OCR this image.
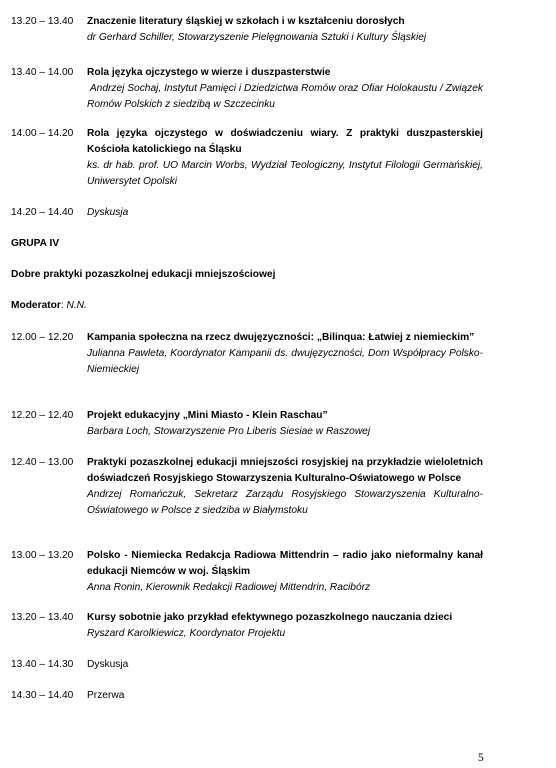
13.20 – 13.40	Znaczenie literatury śląskiej w szkołach i w kształceniu dorosłych
dr Gerhard Schiller, Stowarzyszenie Pielęgnowania Sztuki i Kultury Śląskiej
13.40 – 14.00	Rola języka ojczystego w wierze i duszpasterstwie
Andrzej Sochaj, Instytut Pamięci i Dziedzictwa Romów oraz Ofiar Holokaustu / Związek Romów Polskich z siedzibą w Szczecinku
14.00 – 14.20	Rola języka ojczystego w doświadczeniu wiary. Z praktyki duszpasterskiej Kościoła katolickiego na Śląsku
ks. dr hab. prof. UO Marcin Worbs, Wydział Teologiczny, Instytut Filologii Germańskiej, Uniwersytet Opolski
14.20 – 14.40	Dyskusja
GRUPA IV
Dobre praktyki pozaszkolnej edukacji mniejszościowej
Moderator: N.N.
12.00 – 12.20	Kampania społeczna na rzecz dwujęzyczności: „Bilinqua: Łatwiej z niemieckim”
Julianna Pawleta, Koordynator Kampanii ds. dwujęzyczności, Dom Współpracy Polsko-Niemieckiej
12.20 – 12.40	Projekt edukacyjny „Mini Miasto - Klein Raschau”
Barbara Loch, Stowarzyszenie Pro Liberis Siesiae w Raszowej
12.40 – 13.00	Praktyki pozaszkolnej edukacji mniejszości rosyjskiej na przykładzie wieloletnich doświadczeń Rosyjskiego Stowarzyszenia Kulturalno-Oświatowego w Polsce
Andrzej Romańczuk, Sekretarz Zarządu Rosyjskiego Stowarzyszenia Kulturalno-Oświatowego w Polsce z siedziba w Białymstoku
13.00 – 13.20	Polsko - Niemiecka Redakcja Radiowa Mittendrin – radio jako nieformalny kanał edukacji Niemców w woj. Śląskim
Anna Ronin, Kierownik Redakcji Radiowej Mittendrin, Racibórz
13.20 – 13.40	Kursy sobotnie jako przykład efektywnego pozaszkolnego nauczania dzieci
Ryszard Karolkiewicz, Koordynator Projektu
13.40 – 14.30	Dyskusja
14.30 – 14.40	Przerwa
5
